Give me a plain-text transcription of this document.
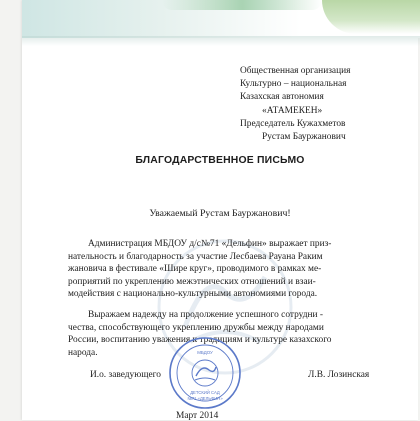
Общественная организация
Культурно – национальная
Казахская автономия
«АТАМЕКЕН»
Председатель Кужахметов
Рустам Бауржанович
БЛАГОДАРСТВЕННОЕ ПИСЬМО
Уважаемый Рустам Бауржанович!
Администрация МБДОУ д/с№71 «Дельфин» выражает приз-
нательность и благодарность за участие Лесбаева Рауана Раким
жановича в фестивале «Шире круг», проводимого в рамках ме-
роприятий по укреплению межэтнических отношений и взаи-
модействия с национально-культурными автономиями города.
Выражаем надежду на продолжение успешного сотрудни -
чества, способствующего укреплению дружбы между народами
России, воспитанию уважения к традициям и культуре казахского
народа.
И.о. заведующего	Л.В. Лозинская
МБДОУ
ДЕТСКИЙ САД
№71 «ДЕЛЬФИН»
Март 2014
